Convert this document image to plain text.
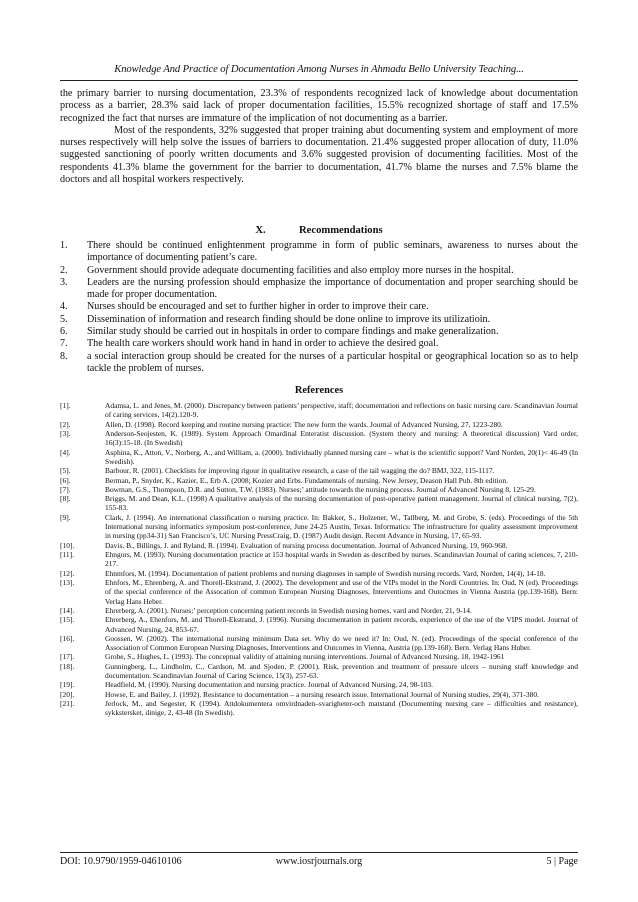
Knowledge And Practice of Documentation Among Nurses in Ahmadu Bello University Teaching...

the primary barrier to nursing documentation, 23.3% of respondents recognized lack of knowledge about documentation process as a barrier, 28.3% said lack of proper documentation facilities, 15.5% recognized shortage of staff and 17.5% recognized the fact that nurses are immature of the implication of not documenting as a barrier.

Most of the respondents, 32% suggested that proper training abut documenting system and employment of more nurses respectively will help solve the issues of barriers to documentation. 21.4% suggested proper allocation of duty, 11.0% suggested sanctioning of poorly written documents and 3.6% suggested provision of documenting facilities. Most of the respondents 41.3% blame the government for the barrier to documentation, 41.7% blame the nurses and 7.5% blame the doctors and all hospital workers respectively.

X.	Recommendations
1.	There should be continued enlightenment programme in form of public seminars, awareness to nurses about the importance of documenting patient’s care.
2.	Government should provide adequate documenting facilities and also employ more nurses in the hospital.
3.	Leaders are the nursing profession should emphasize the importance of documentation and proper searching should be made for proper documentation.
4.	Nurses should be encouraged and set to further higher in order to improve their care.
5.	Dissemination of information and research finding should be done online to improve its utilizatioin.
6.	Similar study should be carried out in hospitals in order to compare findings and make generalization.
7.	The health care workers should work hand in hand in order to achieve the desired goal.
8.	a social interaction group should be created for the nurses of a particular hospital or geographical location so as to help tackle the problem of nurses.
References
[1].	Adamsa, L. and Jenes, M. (2000). Discrepancy between patients’ perspective, staff; documentation and reflections on basic nursing care. Scandinavian Journal of caring services, 14(2).120-9.
[2].	Allen, D. (1998). Record keeping and routine nursing practice: The new form the wards. Journal of Advanced Nursing, 27, 1223-280.
[3].	Anderson-Seojesten, K. (1989). System Approach Omardinal Enteratist discussion. (System theory and nursing: A theoretical discussion) Vard order, 16(3):15-18. (In Swedish)
[4].	Asphina, K., Atton, V., Norberg, A., and William, a. (2000). Individually planned nursing care – what is the scientific support? Vard Norden, 20(1)< 46-49 (In Swedish).
[5].	Barbour, R. (2001). Checklists for improving rigour in qualitative research, a case of the tail wagging the do? BMJ, 322, 115-1117.
[6].	Berman, P., Snyder, K., Kazier, E., Erb A. (2008; Kozier and Erbs. Fundamentals of nursing. New Jersey, Deason Hall Pub. 8th edition.
[7].	Bowman, G.S., Thompson, D.R. and Sutton, T.W. (1983). Nurses;’ attitude towards the nursing process. Journal of Advanced Nursing 8, 125-29.
[8].	Briggs, M. and Dean, K.L. (1998) A qualitative analysis of the nursing documentation of post-operative patient management. Journal of clinical nursing, 7(2), 155-83.
[9].	Clark, J. (1994). An international classification o nursing practice. In: Bakker, S., Holzener, W., Tallberg, M. and Grobe, S. (eds). Proceedings of the 5th International nursing informatics symposium post-conference, June 24-25 Austin, Texas. Informatics: The infrastructure for quality assessment improvement in nursing (pp34-31) San Francisco’s, UC Nursing PressCraig, D. (1987) Audit design. Recent Advance in Nursing, 17, 65-93.
[10].	Davis, B., Billings, J. and Ryland, R. (1994). Evaluation of nursing process documentation. Journal of Advanced Nursing, 19, 960-968.
[11].	Ehngors, M. (1993). Nursing documentation practice at 153 hospital wards in Sweden as described by nurses. Scandinavian Journal of caring sciences, 7, 210-217.
[12].	Ehnmfors, M. (1994). Documentation of patient problems and nursing diagnoses in sample of Swedish nursing records. Vard, Norden, 14(4), 14-18.
[13].	Ehnfors, M., Ehrenberg, A. and Thorell-Ekstrand, J. (2002). The development and use of the VIPs model in the Nordi Countries. In: Oud, N (ed). Proceedings of the special conference of the Assocation of common European Nursing Diagnoses, Interventions and Outocmes in Vienna Austria (pp.139-168). Bern: Verlag Hans Heber.
[14].	Ehrerberg, A. (2001). Nurses;’ perception concerning patient records in Swedish nursing homes, vard and Norder, 21, 9-14.
[15].	Ehrerberg, A., Ehenfors, M. and Thorell-Ekstrand, J. (1996). Nursing documentation in patient records, experience of the use of the VIPS model. Journal of Advanced Nursing, 24, 853-67.
[16].	Goossen, W. (2002). The international nursing minimum Data set. Why do we need it? In: Oud, N. (ed). Proceedings of the special conference of the Association of Common European Nursing Diagnoses, Interventions and Outcomes in Vienna, Austria (pp.139-168). Bern. Verlag Hans Huber.
[17].	Grobe, S., Hughes, L. (1993). The conceptual validity of attaining nursing interventions. Journal of Advanced Nursing, 18, 1942-1961
[18].	Gunningberg, L., Lindholm, C., Cardson, M. and Sjoden, P. (2001). Risk, prevention and treatment of pressure ulcers – nursing staff knowledge and documentation. Scandinavian Journal of Caring Science, 15(3), 257-63.
[19].	Headfield, M. (1990). Nursing documentation and nursing practice. Journal of Advanced Nursing, 24, 98-103.
[20].	Howse, E. and Bailey, J. (1992). Resistance to documentation – a nursing research issue. International Journal of Nursing studies, 29(4), 371-380.
[21].	Jerlock, M., and Segester, K (1994). Attdokumentera omvirdnaden–svarigheter-och matstand (Documenting nursing care – difficulties and resistance), sykkstersket, dinige, 2, 43-48 (In Swedish).
DOI: 10.9790/1959-04610106	www.iosrjournals.org	5 | Page
